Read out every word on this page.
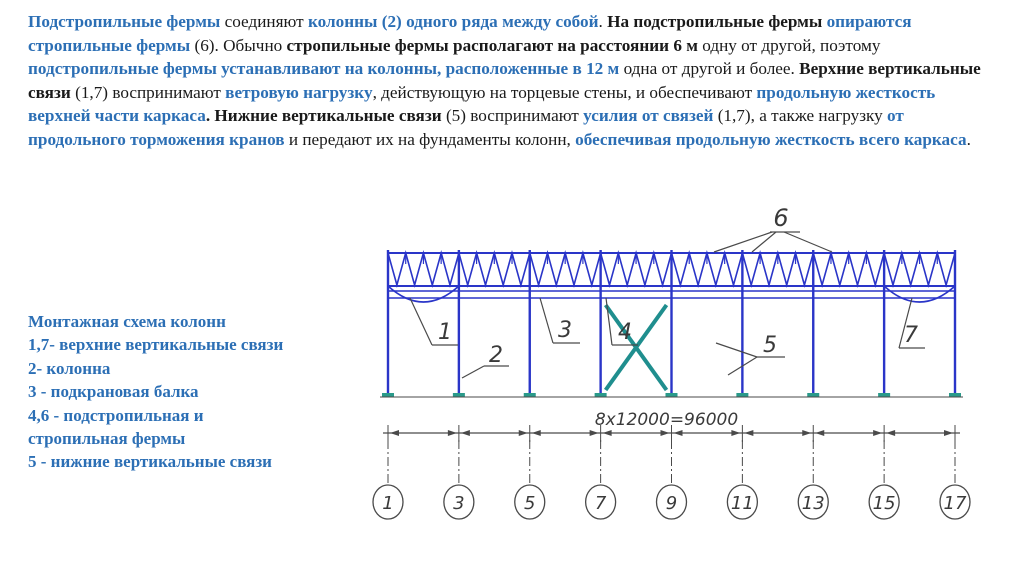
Подстропильные фермы соединяют колонны (2) одного ряда между собой. На подстропильные фермы опираются стропильные фермы (6). Обычно стропильные фермы располагают на расстоянии 6 м одну от другой, поэтому подстропильные фермы устанавливают на колонны, расположенные в 12 м одна от другой и более. Верхние вертикальные связи (1,7) воспринимают ветровую нагрузку, действующую на торцевые стены, и обеспечивают продольную жесткость верхней части каркаса. Нижние вертикальные связи (5) воспринимают усилия от связей (1,7), а также нагрузку от продольного торможения кранов и передают их на фундаменты колонн, обеспечивая продольную жесткость всего каркаса.

Монтажная схема колонн
1,7- верхние вертикальные связи
2- колонна
3 - подкрановая балка
4,6 - подстропильная и
стропильная фермы
5 - нижние вертикальные связи
8x12000=96000
1	3	5	7	9	11	13	15	17
6
1
2
3 4
5	7
